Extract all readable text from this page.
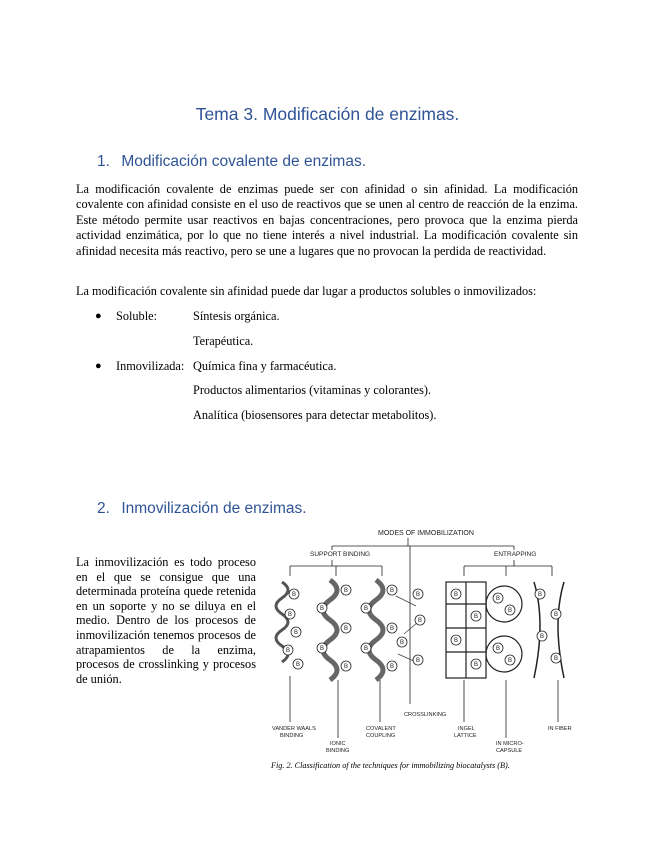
Tema 3. Modificación de enzimas.
1. Modificación covalente de enzimas.
La modificación covalente de enzimas puede ser con afinidad o sin afinidad. La modificación covalente con afinidad consiste en el uso de reactivos que se unen al centro de reacción de la enzima. Este método permite usar reactivos en bajas concentraciones, pero provoca que la enzima pierda actividad enzimática, por lo que no tiene interés a nivel industrial. La modificación covalente sin afinidad necesita más reactivo, pero se une a lugares que no provocan la perdida de reactividad.
La modificación covalente sin afinidad puede dar lugar a productos solubles o inmovilizados:
● Soluble:	Síntesis orgánica.
Terapéutica.
● Inmovilizada: Química fina y farmacéutica.
Productos alimentarios (vitaminas y colorantes).
Analítica (biosensores para detectar metabolitos).
2. Inmovilización de enzimas.
La inmovilización es todo proceso en el que se consigue que una determinada proteína quede retenida en un soporte y no se diluya en el medio. Dentro de los procesos de inmovilización tenemos procesos de atrapamientos de la enzima, procesos de crosslinking y procesos de unión.
MODES OF IMMOBILIZATION
SUPPORT BINDING	ENTRAPPING
B
B
B
B
B
B
B
B
B
B
B
B
B
B
B
B
B
B
B
B
B
B
B
B
B
B
B
B
B
B
B
VANDER WAALS
BINDING
IONIC
BINDING
COVALENT
COUPLING
CROSSLINKING
INGEL
LATTICE
IN MICRO-
CAPSULE
IN FIBER
Fig. 2. Classification of the techniques for immobilizing biocatalysts (B).
